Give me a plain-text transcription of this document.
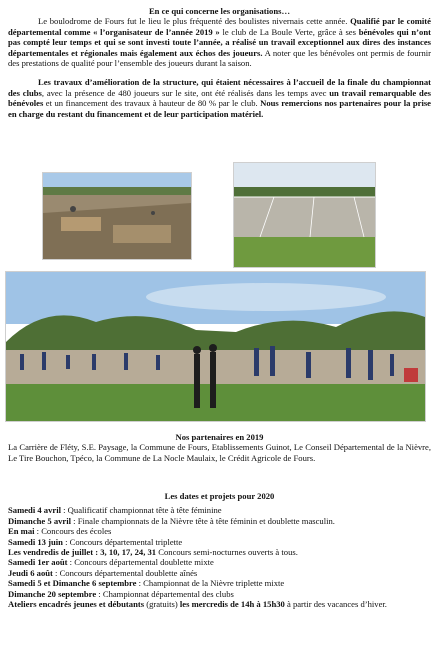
En ce qui concerne les organisations…

Le boulodrome de Fours fut le lieu le plus fréquenté des boulistes nivernais cette année. Qualifié par le comité départemental comme « l’organisateur de l’année 2019 » le club de La Boule Verte, grâce à ses bénévoles qui n’ont pas compté leur temps et qui se sont investi toute l’année, a réalisé un travail exceptionnel aux dires des instances départementales et régionales mais également aux échos des joueurs. A noter que les bénévoles ont permis de fournir des prestations de qualité pour l’ensemble des joueurs durant la saison.

Les travaux d’amélioration de la structure, qui étaient nécessaires à l’accueil de la finale du championnat des clubs, avec la présence de 480 joueurs sur le site, ont été réalisés dans les temps avec un travail remarquable des bénévoles et un financement des travaux à hauteur de 80 % par le club. Nous remercions nos partenaires pour la prise en charge du restant du financement et de leur participation matériel.

Nos partenaires en 2019

La Carrière de Fléty, S.E. Paysage, la Commune de Fours, Etablissements Guinot, Le Conseil Départemental de la Nièvre, Le Tire Bouchon, Tpéco, la Commune de La Nocle Maulaix, le Crédit Agricole de Fours.

Les dates et projets pour 2020

Samedi 4 avril : Qualificatif championnat tête à tête féminine

Dimanche 5 avril : Finale championnats de la Nièvre tête à tête féminin et doublette masculin.

En mai : Concours des écoles

Samedi 13 juin : Concours départemental triplette

Les vendredis de juillet : 3, 10, 17, 24, 31 Concours semi-nocturnes ouverts à tous.

Samedi 1er août : Concours départemental doublette mixte

Jeudi 6 août : Concours départemental doublette aînés

Samedi 5 et Dimanche 6 septembre : Championnat de la Nièvre triplette mixte

Dimanche 20 septembre : Championnat départemental des clubs

Ateliers encadrés jeunes et débutants (gratuits) les mercredis de 14h à 15h30 à partir des vacances d’hiver.
